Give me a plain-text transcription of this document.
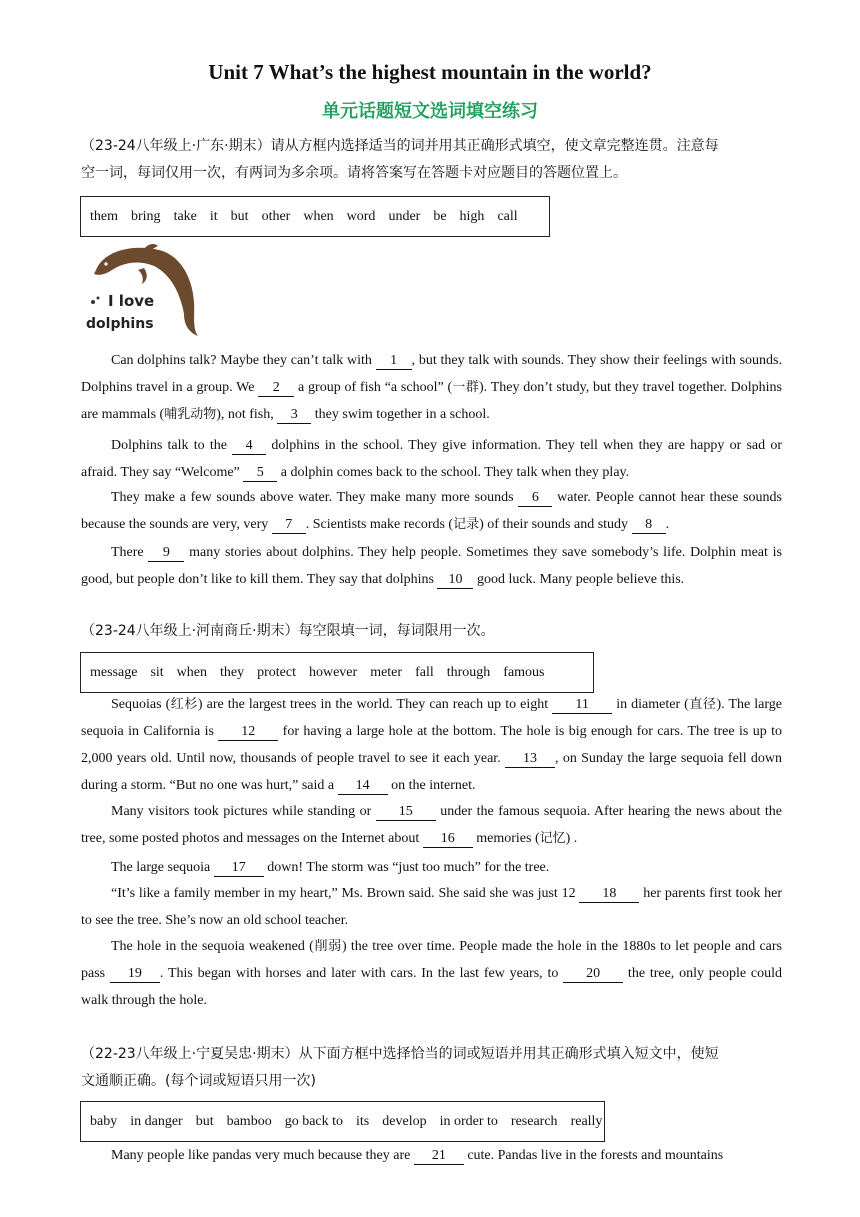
Unit 7 What’s the highest mountain in the world?
单元话题短文选词填空练习
（23-24八年级上·广东·期末）请从方框内选择适当的词并用其正确形式填空，使文章完整连贯。注意每
空一词，每词仅用一次，有两词为多余项。请将答案写在答题卡对应题目的答题位置上。
them bring take it but other when word under be high call
I love
dolphins
Can dolphins talk? Maybe they can’t talk with 1 , but they talk with sounds. They show their feelings with sounds. Dolphins travel in a group. We 2 a group of fish “a school” (一群). They don’t study, but they travel together. Dolphins are mammals (哺乳动物), not fish, 3 they swim together in a school.
Dolphins talk to the 4 dolphins in the school. They give information. They tell when they are happy or sad or afraid. They say “Welcome” 5 a dolphin comes back to the school. They talk when they play.
They make a few sounds above water. They make many more sounds 6 water. People cannot hear these sounds because the sounds are very, very 7 . Scientists make records (记录) of their sounds and study 8 .
There 9 many stories about dolphins. They help people. Sometimes they save somebody’s life. Dolphin meat is good, but people don’t like to kill them. They say that dolphins 10 good luck. Many people believe this.
（23-24八年级上·河南商丘·期末）每空限填一词，每词限用一次。
message sit when they protect however meter fall through famous
Sequoias (红杉) are the largest trees in the world. They can reach up to eight 11 in diameter (直径). The large sequoia in California is 12 for having a large hole at the bottom. The hole is big enough for cars. The tree is up to 2,000 years old. Until now, thousands of people travel to see it each year. 13 , on Sunday the large sequoia fell down during a storm. “But no one was hurt,” said a 14 on the internet.
Many visitors took pictures while standing or 15 under the famous sequoia. After hearing the news about the tree, some posted photos and messages on the Internet about 16 memories (记忆) .
The large sequoia 17 down! The storm was “just too much” for the tree.
“It’s like a family member in my heart,” Ms. Brown said. She said she was just 12 18 her parents first took her to see the tree. She’s now an old school teacher.
The hole in the sequoia weakened (削弱) the tree over time. People made the hole in the 1880s to let people and cars pass 19 . This began with horses and later with cars. In the last few years, to 20 the tree, only people could walk through the hole.
（22-23八年级上·宁夏吴忠·期末）从下面方框中选择恰当的词或短语并用其正确形式填入短文中，使短
文通顺正确。(每个词或短语只用一次)
baby in danger but bamboo go back to its develop in order to research really
Many people like pandas very much because they are 21 cute. Pandas live in the forests and mountains
